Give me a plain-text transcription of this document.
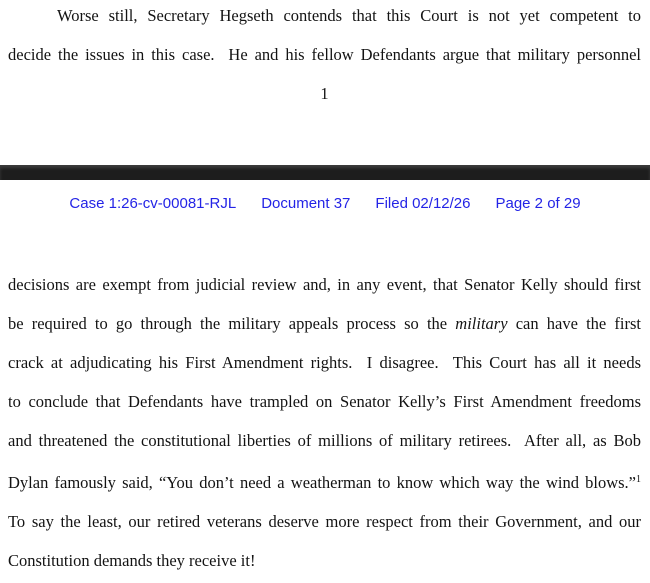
Worse still, Secretary Hegseth contends that this Court is not yet competent to
decide the issues in this case.  He and his fellow Defendants argue that military personnel
1
Case 1:26-cv-00081-RJL Document 37 Filed 02/12/26 Page 2 of 29
decisions are exempt from judicial review and, in any event, that Senator Kelly should first
be required to go through the military appeals process so the military can have the first
crack at adjudicating his First Amendment rights.  I disagree.  This Court has all it needs
to conclude that Defendants have trampled on Senator Kelly’s First Amendment freedoms
and threatened the constitutional liberties of millions of military retirees.  After all, as Bob
Dylan famously said, “You don’t need a weatherman to know which way the wind blows.”$^1$
To say the least, our retired veterans deserve more respect from their Government, and our
Constitution demands they receive it!
